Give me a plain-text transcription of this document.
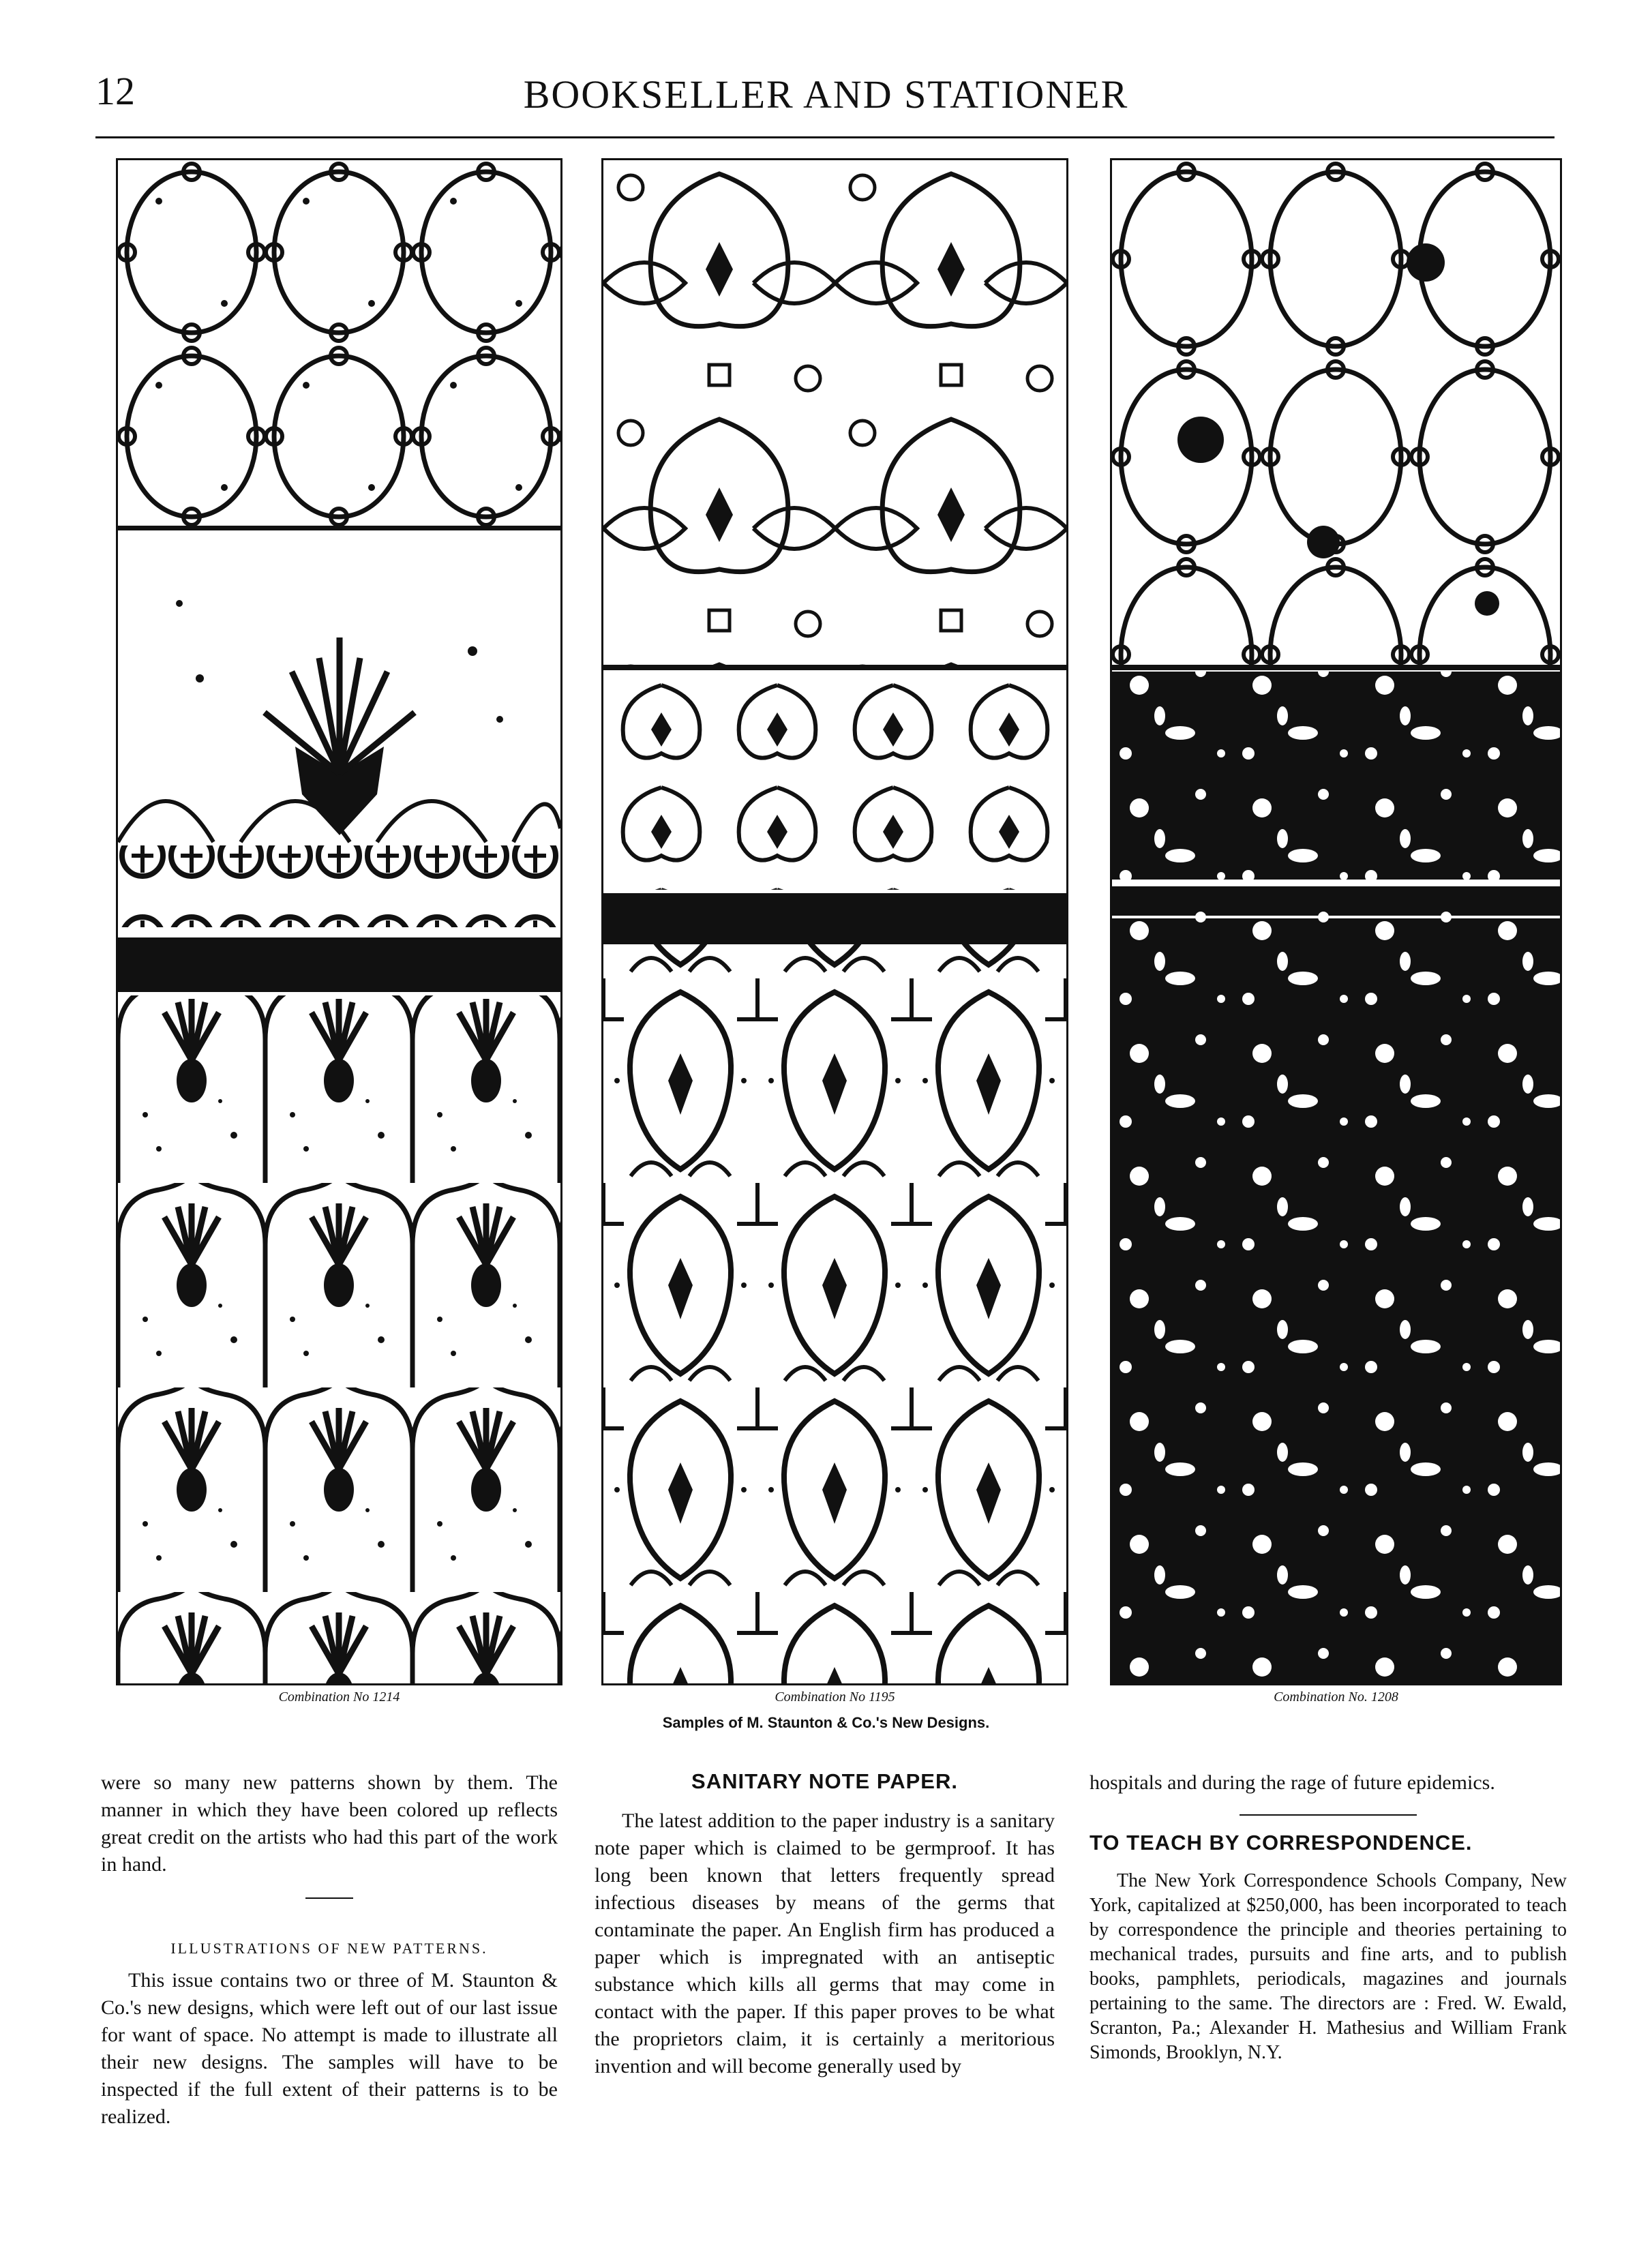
12	BOOKSELLER AND STATIONER
Combination No 1214	Combination No 1195	Combination No. 1208
Samples of M. Staunton & Co.'s New Designs.

were so many new patterns shown by them. The manner in which they have been colored up reflects great credit on the artists who had this part of the work in hand.

ILLUSTRATIONS OF NEW PATTERNS.

This issue contains two or three of M. Staunton & Co.'s new designs, which were left out of our last issue for want of space. No attempt is made to illustrate all their new designs. The samples will have to be inspected if the full extent of their patterns is to be realized.

SANITARY NOTE PAPER.

The latest addition to the paper industry is a sanitary note paper which is claimed to be germproof. It has long been known that letters frequently spread infectious diseases by means of the germs that contaminate the paper. An English firm has produced a paper which is impregnated with an antiseptic substance which kills all germs that may come in contact with the paper. If this paper proves to be what the proprietors claim, it is certainly a meritorious invention and will become generally used by

hospitals and during the rage of future epidemics.

TO TEACH BY CORRESPONDENCE.

The New York Correspondence Schools Company, New York, capitalized at $250,000, has been incorporated to teach by correspondence the principle and theories pertaining to mechanical trades, pursuits and fine arts, and to publish books, pamphlets, periodicals, magazines and journals pertaining to the same. The directors are : Fred. W. Ewald, Scranton, Pa.; Alexander H. Mathesius and William Frank Simonds, Brooklyn, N.Y.
